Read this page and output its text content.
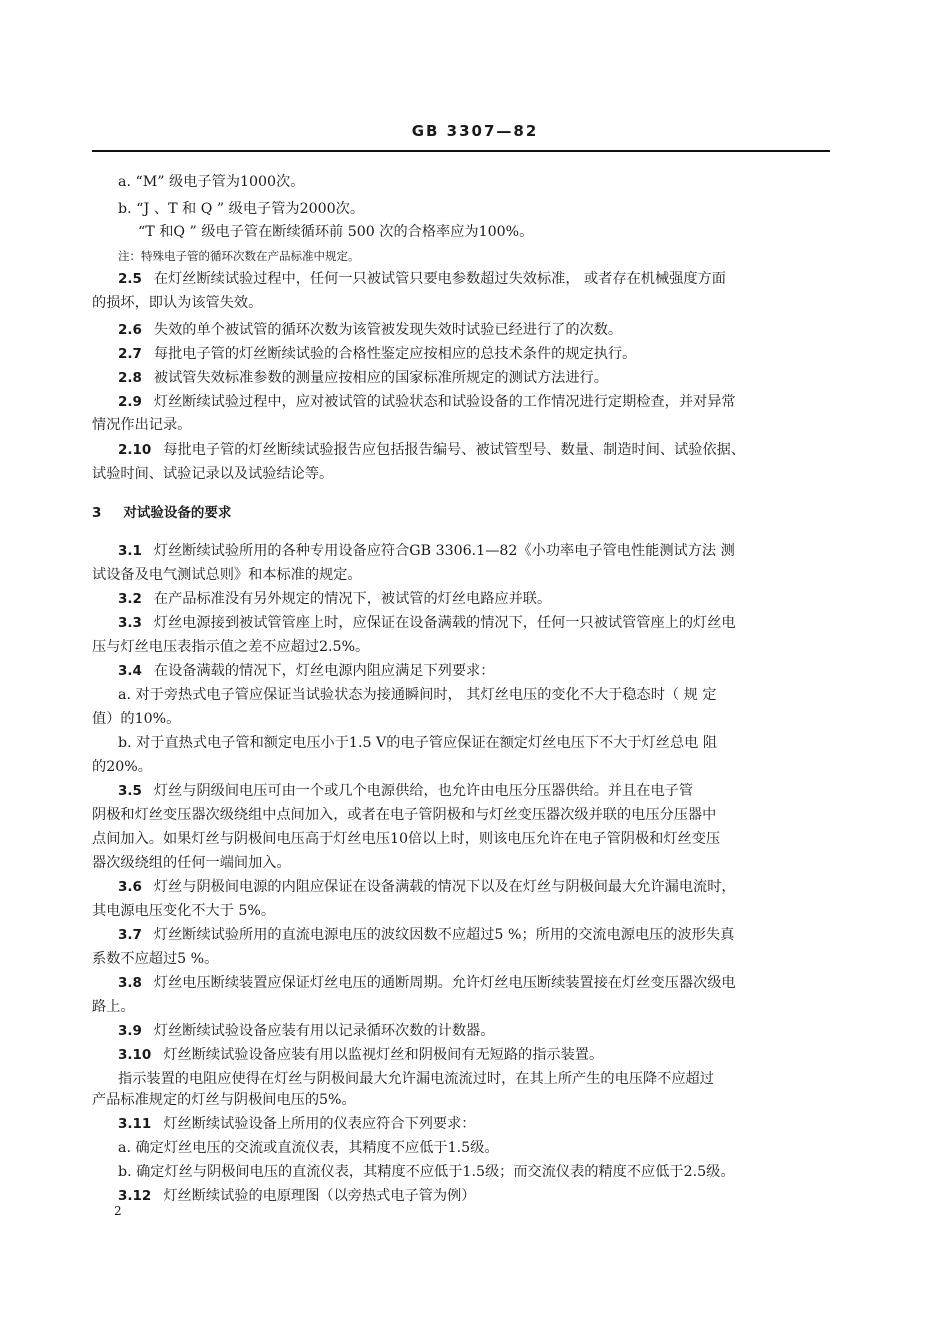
GB 3307—82
a. “M” 级电子管为1000次。
b. “J 、T 和 Q ” 级电子管为2000次。
“T 和Q ” 级电子管在断续循环前 500 次的合格率应为100%。
注：特殊电子管的循环次数在产品标准中规定。
2.5 在灯丝断续试验过程中，任何一只被试管只要电参数超过失效标准， 或者存在机械强度方面
的损坏，即认为该管失效。
2.6 失效的单个被试管的循环次数为该管被发现失效时试验已经进行了的次数。
2.7 每批电子管的灯丝断续试验的合格性鉴定应按相应的总技术条件的规定执行。
2.8 被试管失效标准参数的测量应按相应的国家标准所规定的测试方法进行。
2.9 灯丝断续试验过程中，应对被试管的试验状态和试验设备的工作情况进行定期检查，并对异常
情况作出记录。
2.10 每批电子管的灯丝断续试验报告应包括报告编号、被试管型号、数量、制造时间、试验依据、
试验时间、试验记录以及试验结论等。
3 对试验设备的要求
3.1 灯丝断续试验所用的各种专用设备应符合GB 3306.1—82《小功率电子管电性能测试方法 测
试设备及电气测试总则》和本标准的规定。
3.2 在产品标准没有另外规定的情况下，被试管的灯丝电路应并联。
3.3 灯丝电源接到被试管管座上时，应保证在设备满载的情况下，任何一只被试管管座上的灯丝电
压与灯丝电压表指示值之差不应超过2.5%。
3.4 在设备满载的情况下，灯丝电源内阻应满足下列要求：
a. 对于旁热式电子管应保证当试验状态为接通瞬间时， 其灯丝电压的变化不大于稳态时（ 规 定
值）的10%。
b. 对于直热式电子管和额定电压小于1.5 V的电子管应保证在额定灯丝电压下不大于灯丝总电 阻
的20%。
3.5 灯丝与阴级间电压可由一个或几个电源供给，也允许由电压分压器供给。并且在电子管
阴极和灯丝变压器次级绕组中点间加入，或者在电子管阴极和与灯丝变压器次级并联的电压分压器中
点间加入。如果灯丝与阴极间电压高于灯丝电压10倍以上时，则该电压允许在电子管阴极和灯丝变压
器次级绕组的任何一端间加入。
3.6 灯丝与阴极间电源的内阻应保证在设备满载的情况下以及在灯丝与阴极间最大允许漏电流时，
其电源电压变化不大于 5%。
3.7 灯丝断续试验所用的直流电源电压的波纹因数不应超过5 %；所用的交流电源电压的波形失真
系数不应超过5 %。
3.8 灯丝电压断续装置应保证灯丝电压的通断周期。允许灯丝电压断续装置接在灯丝变压器次级电
路上。
3.9 灯丝断续试验设备应装有用以记录循环次数的计数器。
3.10 灯丝断续试验设备应装有用以监视灯丝和阴极间有无短路的指示装置。
指示装置的电阻应使得在灯丝与阴极间最大允许漏电流流过时，在其上所产生的电压降不应超过
产品标准规定的灯丝与阴极间电压的5%。
3.11 灯丝断续试验设备上所用的仪表应符合下列要求：
a. 确定灯丝电压的交流或直流仪表，其精度不应低于1.5级。
b. 确定灯丝与阴极间电压的直流仪表，其精度不应低于1.5级；而交流仪表的精度不应低于2.5级。
3.12 灯丝断续试验的电原理图（以旁热式电子管为例）
2
